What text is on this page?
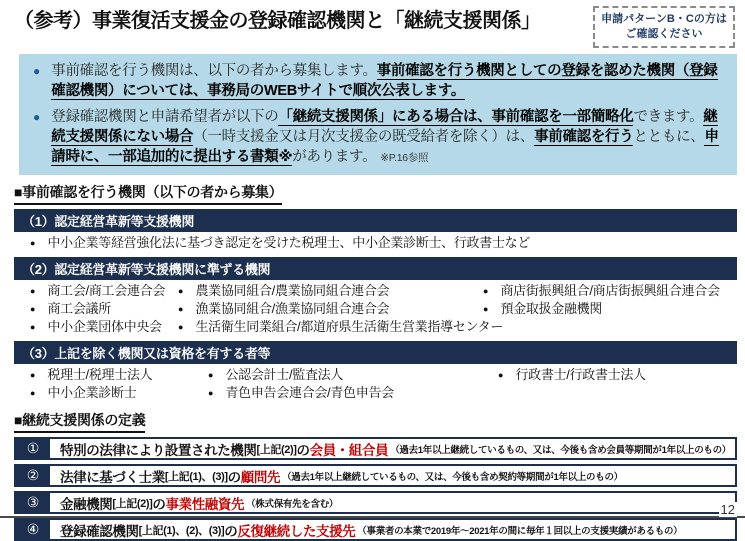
（参考）事業復活支援金の登録確認機関と「継続支援関係」	申請パターンB・Cの方は
ご確認ください
● 事前確認を行う機関は、以下の者から募集します。事前確認を行う機関としての登録を認めた機関（登録確認機関）については、事務局のWEBサイトで順次公表します。
● 登録確認機関と申請希望者が以下の「継続支援関係」にある場合は、事前確認を一部簡略化できます。継続支援関係にない場合（一時支援金又は月次支援金の既受給者を除く）は、事前確認を行うとともに、申請時に、一部追加的に提出する書類※があります。 ※P.16参照
■事前確認を行う機関（以下の者から募集）
（1）認定経営革新等支援機関
● 中小企業等経営強化法に基づき認定を受けた税理士、中小企業診断士、行政書士など
（2）認定経営革新等支援機関に準ずる機関
● 商工会/商工会連合会 ● 農業協同組合/農業協同組合連合会	● 商店街振興組合/商店街振興組合連合会
● 商工会議所	● 漁業協同組合/漁業協同組合連合会	● 預金取扱金融機関
● 中小企業団体中央会 ● 生活衛生同業組合/都道府県生活衛生営業指導センター
（3）上記を除く機関又は資格を有する者等
● 税理士/税理士法人	● 公認会計士/監査法人	● 行政書士/行政書士法人
● 中小企業診断士	● 青色申告会連合会/青色申告会
■継続支援関係の定義
①	特別の法律により設置された機関 [上記(2)] の 会員・組合員 （過去1年以上継続しているもの、又は、今後も含め会員等期間が1年以上のもの）
②	法律に基づく士業 [上記(1)、(3)] の 顧問先 （過去1年以上継続しているもの、又は、今後も含め契約等期間が1年以上のもの）
③	金融機関 [上記(2)] の 事業性融資先 （株式保有先を含む）
④	登録確認機関 [上記(1)、(2)、(3)] の 反復継続した支援先 （事業者の本業で2019年～2021年の間に毎年１回以上の支援実績があるもの）
12
